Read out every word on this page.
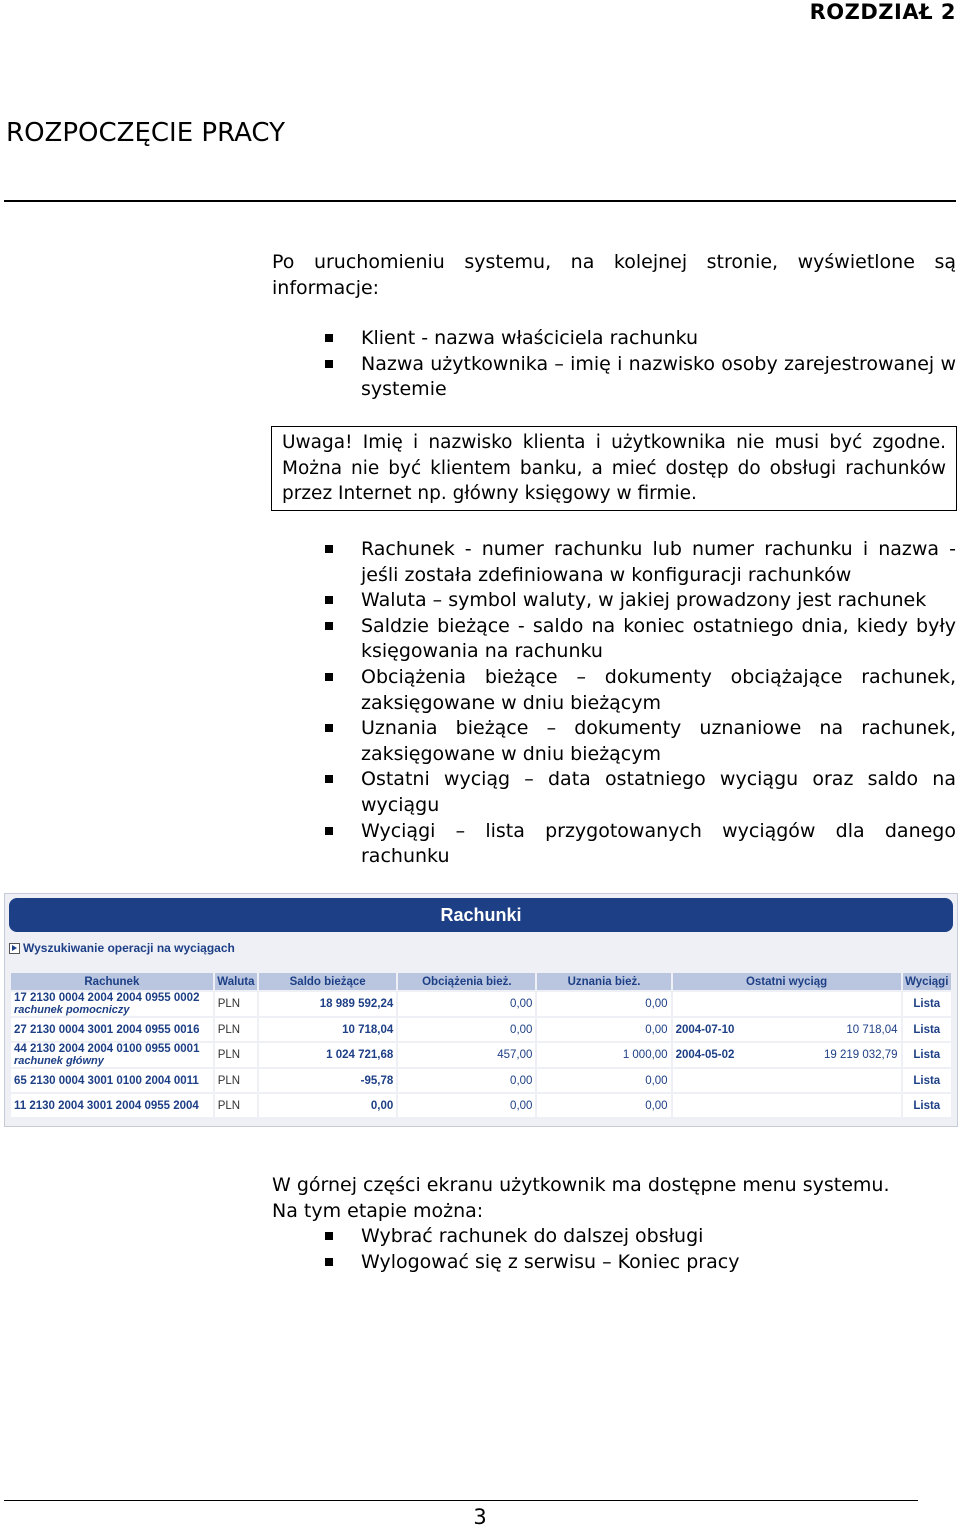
ROZDZIAŁ 2
ROZPOCZĘCIE PRACY
Po uruchomieniu systemu, na kolejnej stronie, wyświetlone są
informacje:
Klient - nazwa właściciela rachunku
Nazwa użytkownika – imię i nazwisko osoby zarejestrowanej w systemie
Uwaga! Imię i nazwisko klienta i użytkownika nie musi być zgodne. Można nie być klientem banku, a mieć dostęp do obsługi rachunków przez Internet np. główny księgowy w firmie.
Rachunek - numer rachunku lub numer rachunku i nazwa - jeśli została zdefiniowana w konfiguracji rachunków
Waluta – symbol waluty, w jakiej prowadzony jest rachunek
Saldzie bieżące - saldo na koniec ostatniego dnia, kiedy były księgowania na rachunku
Obciążenia bieżące – dokumenty obciążające rachunek, zaksięgowane w dniu bieżącym
Uznania bieżące – dokumenty uznaniowe na rachunek, zaksięgowane w dniu bieżącym
Ostatni wyciąg – data ostatniego wyciągu oraz saldo na wyciągu
Wyciągi – lista przygotowanych wyciągów dla danego rachunku
Rachunki
Wyszukiwanie operacji na wyciągach
Rachunek	Waluta	Saldo bieżące	Obciążenia bież.	Uznania bież.	Ostatni wyciąg	Wyciągi
17 2130 0004 2004 2004 0955 0002
rachunek pomocniczy	PLN	18 989 592,24	0,00	0,00		Lista
27 2130 0004 3001 2004 0955 0016	PLN	10 718,04	0,00	0,00	2004-07-10 10 718,04	Lista
44 2130 2004 2004 0100 0955 0001
rachunek główny	PLN	1 024 721,68	457,00	1 000,00	2004-05-02 19 219 032,79	Lista
65 2130 0004 3001 0100 2004 0011	PLN	-95,78	0,00	0,00		Lista
11 2130 2004 3001 2004 0955 2004	PLN	0,00	0,00	0,00		Lista

W górnej części ekranu użytkownik ma dostępne menu systemu.

Na tym etapie można:

Wybrać rachunek do dalszej obsługi
Wylogować się z serwisu – Koniec pracy
3
